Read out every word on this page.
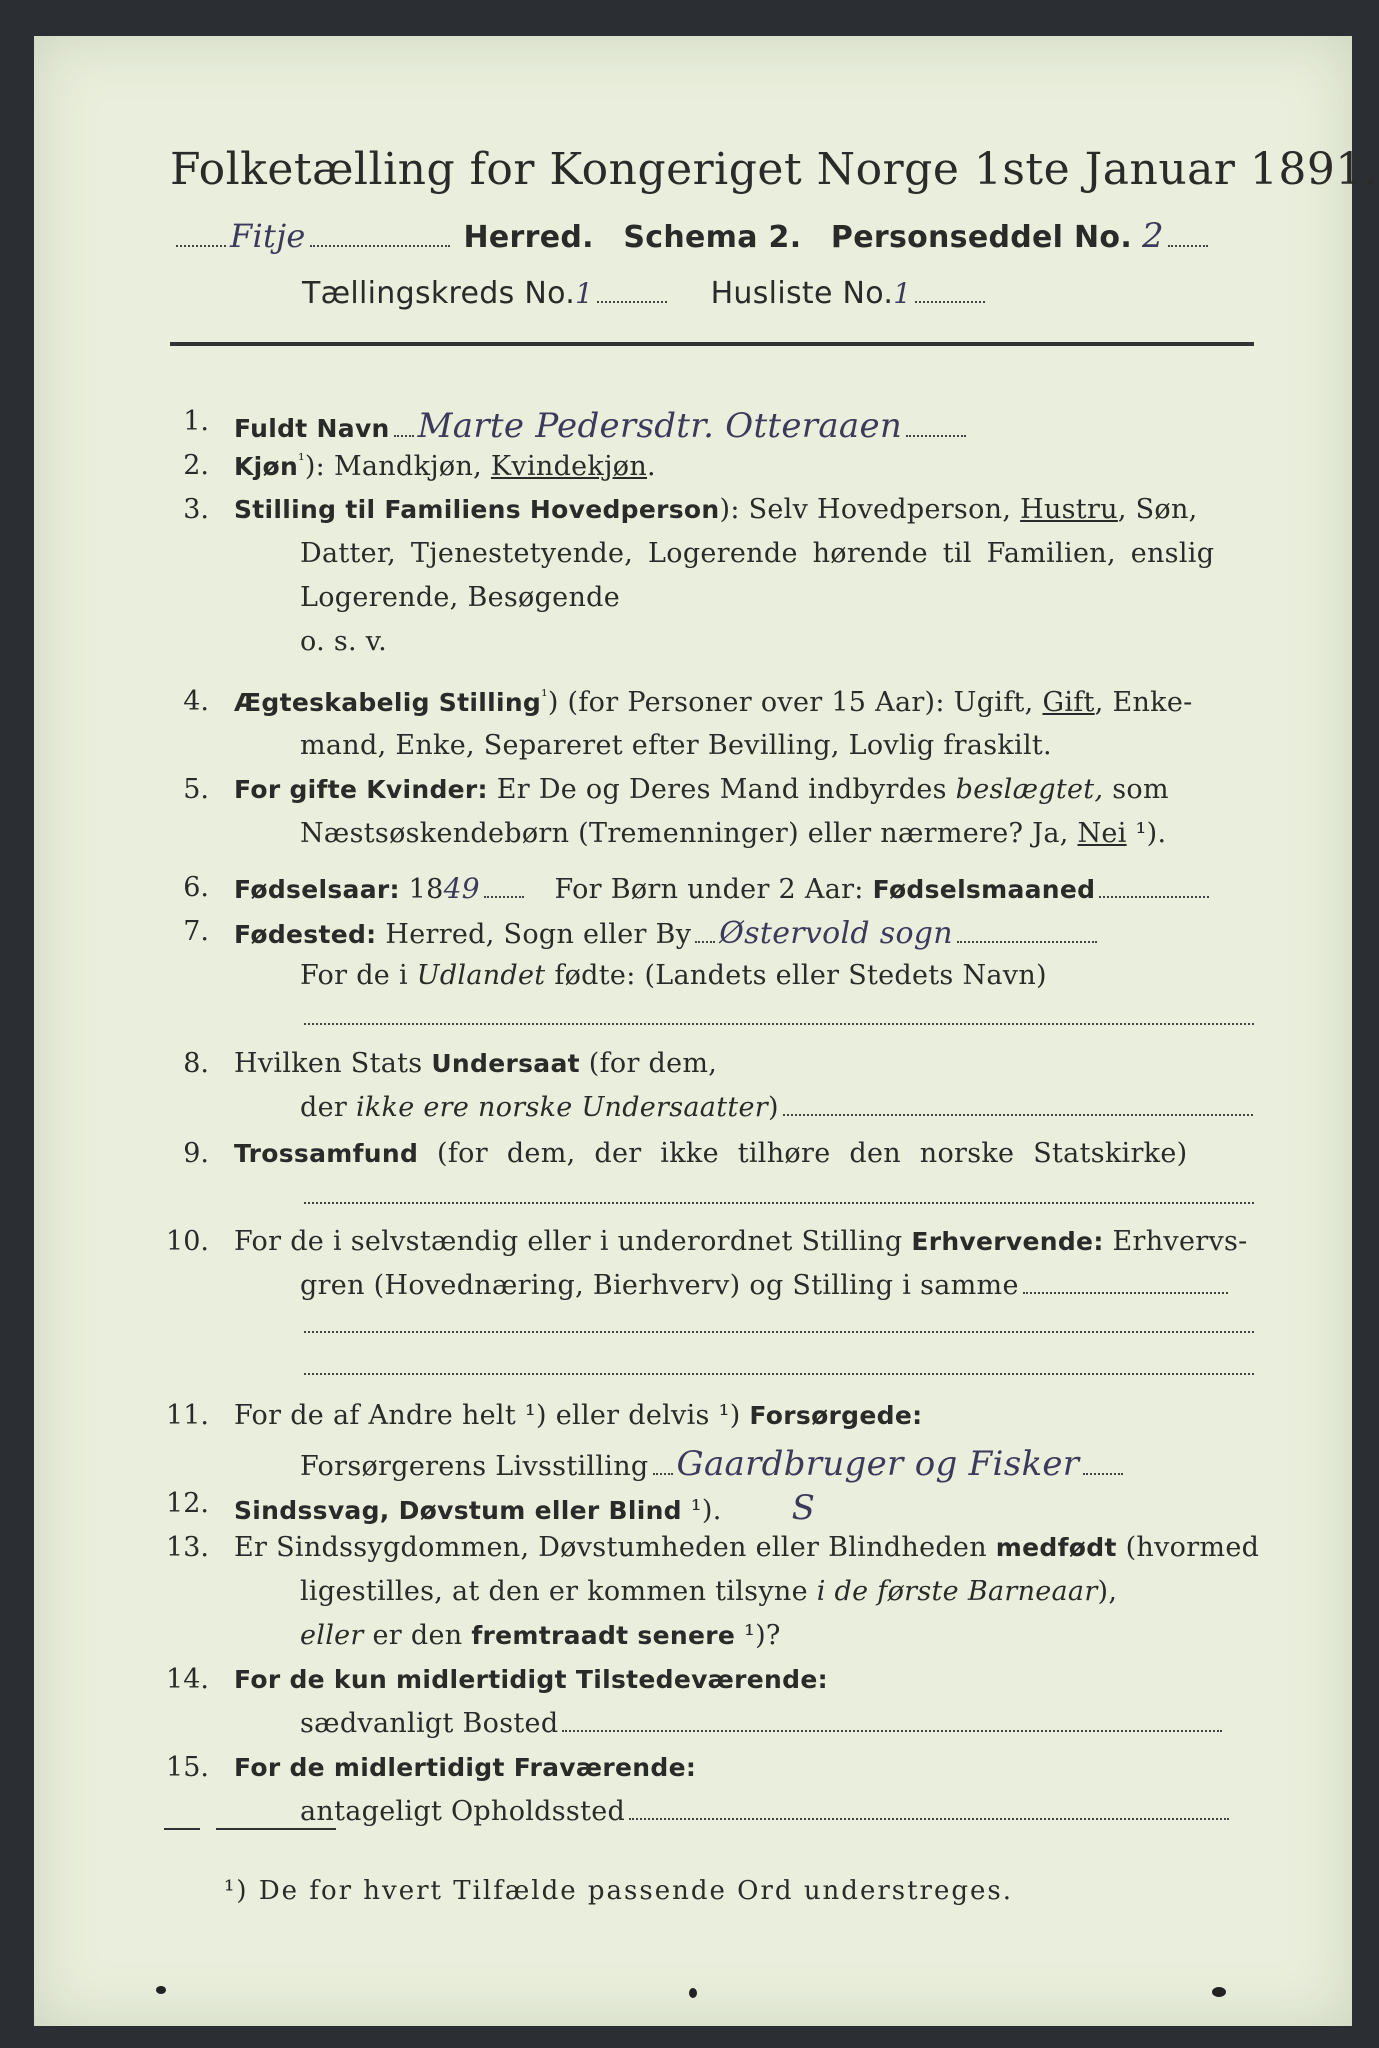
Folketælling for Kongeriget Norge 1ste Januar 1891.
Fitje	Herred. Schema 2. Personseddel No. 2
Tællingskreds No.1	Husliste No.1
1. Fuldt Navn Marte Pedersdtr. Otteraaen
2. Kjøn$^{^1}$): Mandkjøn, Kvindekjøn.
3. Stilling til Familiens Hovedperson): Selv Hovedperson, Hustru, Søn,
Datter, Tjenestetyende, Logerende hørende til Familien, enslig
Logerende, Besøgende
o. s. v.
4. Ægteskabelig Stilling$^{^1}$) (for Personer over 15 Aar): Ugift, Gift, Enke-
mand, Enke, Separeret efter Bevilling, Lovlig fraskilt.
5. For gifte Kvinder: Er De og Deres Mand indbyrdes beslægtet, som
Næstsøskendebørn (Tremenninger) eller nærmere? Ja, Nei ¹).
6. Fødselsaar: 1849	For Børn under 2 Aar: Fødselsmaaned
7. Fødested: Herred, Sogn eller By Østervold sogn
For de i Udlandet fødte: (Landets eller Stedets Navn)
8. Hvilken Stats Undersaat (for dem,
der ikke ere norske Undersaatter)
9. Trossamfund (for dem, der ikke tilhøre den norske Statskirke)
10. For de i selvstændig eller i underordnet Stilling Erhvervende: Erhvervs-
gren (Hovednæring, Bierhverv) og Stilling i samme
11. For de af Andre helt ¹) eller delvis ¹) Forsørgede:
Forsørgerens Livsstilling Gaardbruger og Fisker
12. Sindssvag, Døvstum eller Blind ¹). S
13. Er Sindssygdommen, Døvstumheden eller Blindheden medfødt (hvormed
ligestilles, at den er kommen tilsyne i de første Barneaar),
eller er den fremtraadt senere ¹)?
14. For de kun midlertidigt Tilstedeværende:
sædvanligt Bosted
15. For de midlertidigt Fraværende:
antageligt Opholdssted
¹) De for hvert Tilfælde passende Ord understreges.
